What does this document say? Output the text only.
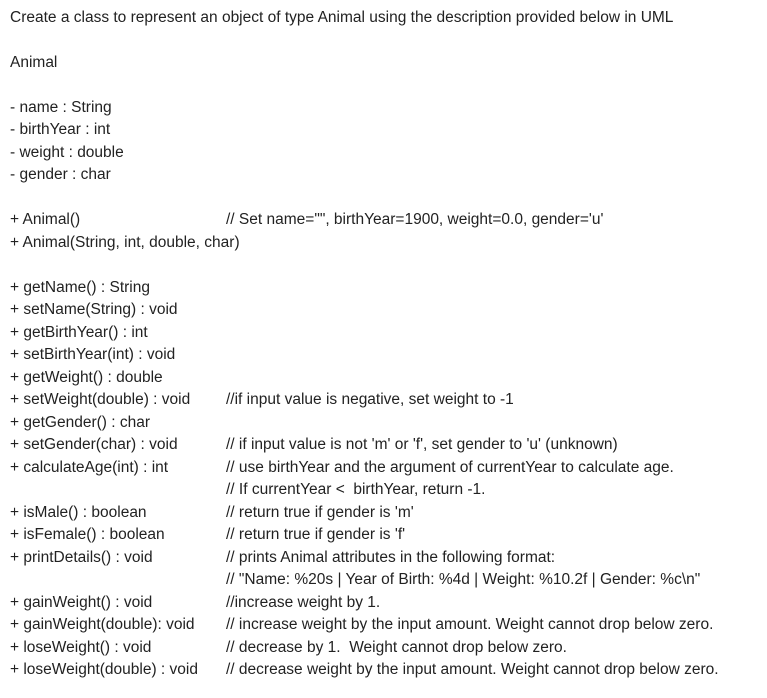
Create a class to represent an object of type Animal using the description provided below in UML
Animal
- name : String
- birthYear : int
- weight : double
- gender : char
+ Animal()	// Set name="", birthYear=1900, weight=0.0, gender='u'
+ Animal(String, int, double, char)
+ getName() : String
+ setName(String) : void
+ getBirthYear() : int
+ setBirthYear(int) : void
+ getWeight() : double
+ setWeight(double) : void //if input value is negative, set weight to -1
+ getGender() : char
+ setGender(char) : void	// if input value is not 'm' or 'f', set gender to 'u' (unknown)
+ calculateAge(int) : int	// use birthYear and the argument of currentYear to calculate age.
// If currentYear <  birthYear, return -1.
+ isMale() : boolean	// return true if gender is 'm'
+ isFemale() : boolean	// return true if gender is 'f'
+ printDetails() : void	// prints Animal attributes in the following format:
// "Name: %20s | Year of Birth: %4d | Weight: %10.2f | Gender: %c\n"
+ gainWeight() : void	//increase weight by 1.
+ gainWeight(double): void // increase weight by the input amount. Weight cannot drop below zero.
+ loseWeight() : void	// decrease by 1.  Weight cannot drop below zero.
+ loseWeight(double) : void // decrease weight by the input amount. Weight cannot drop below zero.
